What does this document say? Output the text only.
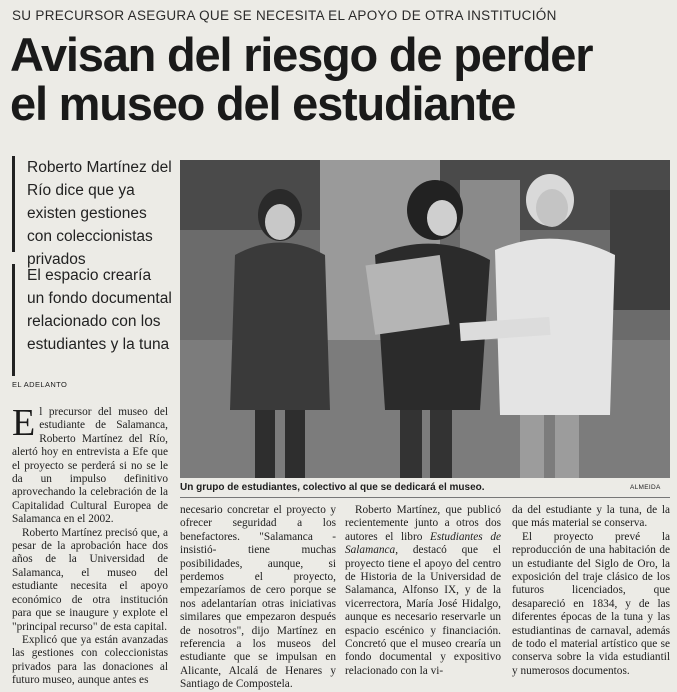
SU PRECURSOR ASEGURA QUE SE NECESITA EL APOYO DE OTRA INSTITUCIÓN
Avisan del riesgo de perder
el museo del estudiante
Roberto Martínez del Río dice que ya existen gestiones con coleccionistas privados
El espacio crearía un fondo documental relacionado con los estudiantes y la tuna
EL ADELANTO
Un grupo de estudiantes, colectivo al que se dedicará el museo.	ALMEIDA

El precursor del museo del estudiante de Salamanca, Roberto Martínez del Río, alertó hoy en entrevista a Efe que el proyecto se perderá si no se le da un impulso definitivo aprovechando la celebración de la Capitalidad Cultural Europea de Salamanca en el 2002.

Roberto Martínez precisó que, a pesar de la aprobación hace dos años de la Universidad de Salamanca, el museo del estudiante necesita el apoyo económico de otra institución para que se inaugure y explote el "principal recurso" de esta capital.

Explicó que ya están avanzadas las gestiones con coleccionistas privados para las donaciones al futuro museo, aunque antes es

necesario concretar el proyecto y ofrecer seguridad a los benefactores. "Salamanca -insistió- tiene muchas posibilidades, aunque, si perdemos el proyecto, empezaríamos de cero porque se nos adelantarían otras iniciativas similares que empezaron después de nosotros", dijo Martínez en referencia a los museos del estudiante que se impulsan en Alicante, Alcalá de Henares y Santiago de Compostela.

Roberto Martínez, que publicó recientemente junto a otros dos autores el libro Estudiantes de Salamanca, destacó que el proyecto tiene el apoyo del centro de Historia de la Universidad de Salamanca, Alfonso IX, y de la vicerrectora, María José Hidalgo, aunque es necesario reservarle un espacio escénico y financiación. Concretó que el museo crearía un fondo documental y expositivo relacionado con la vi-

da del estudiante y la tuna, de la que más material se conserva.

El proyecto prevé la reproducción de una habitación de un estudiante del Siglo de Oro, la exposición del traje clásico de los futuros licenciados, que desapareció en 1834, y de las diferentes épocas de la tuna y las estudiantinas de carnaval, además de todo el material artístico que se conserva sobre la vida estudiantil y numerosos documentos.
